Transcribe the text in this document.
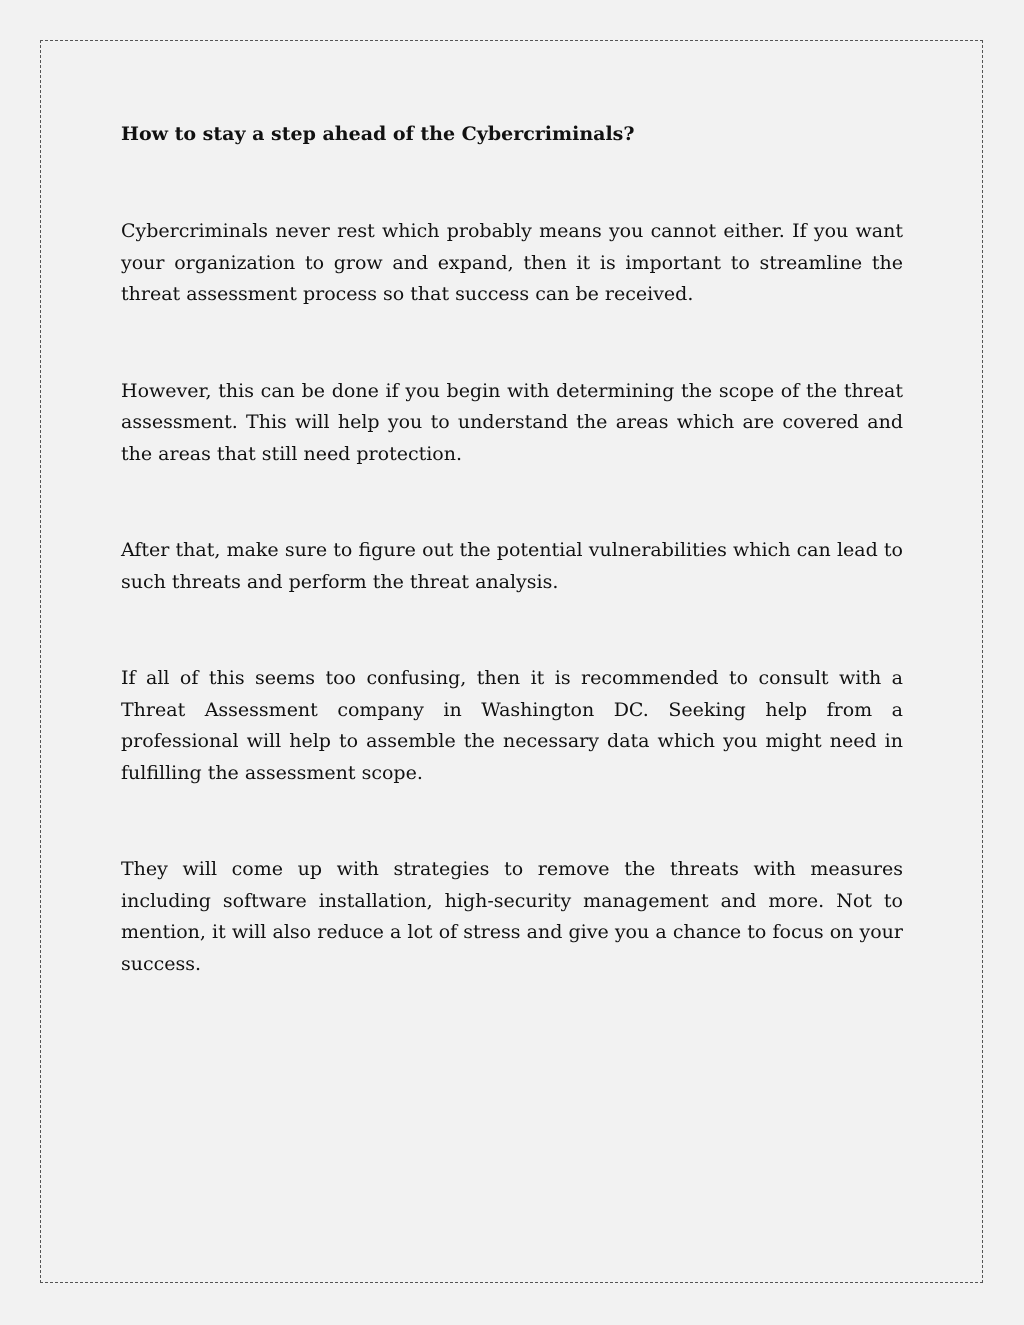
How to stay a step ahead of the Cybercriminals?

Cybercriminals never rest which probably means you cannot either. If you want your organization to grow and expand, then it is important to streamline the threat assessment process so that success can be received.

However, this can be done if you begin with determining the scope of the threat assessment. This will help you to understand the areas which are covered and the areas that still need protection.

After that, make sure to figure out the potential vulnerabilities which can lead to such threats and perform the threat analysis.

If all of this seems too confusing, then it is recommended to consult with a Threat Assessment company in Washington DC. Seeking help from a professional will help to assemble the necessary data which you might need in fulfilling the assessment scope.

They will come up with strategies to remove the threats with measures including software installation, high-security management and more. Not to mention, it will also reduce a lot of stress and give you a chance to focus on your success.
